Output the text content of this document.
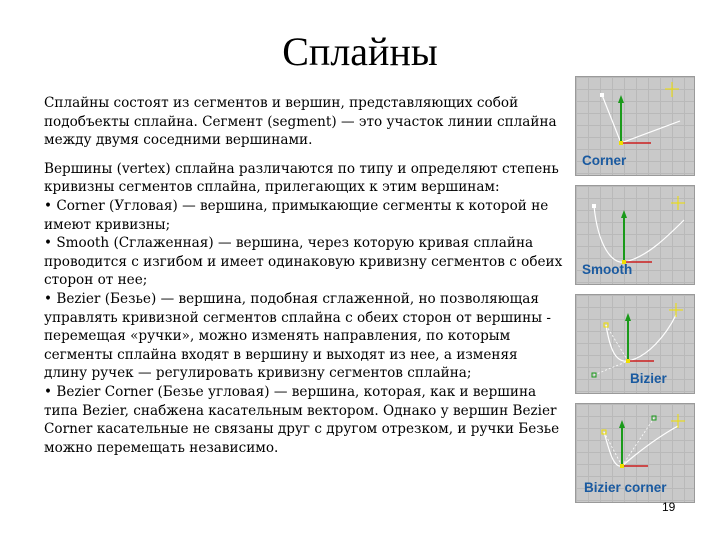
Сплайны

Сплайны состоят из сегментов и вершин, представляющих собой подобъекты сплайна. Сегмент (segment) — это участок линии сплайна между двумя соседними вершинами.

Вершины (vertex) сплайна различаются по типу и определяют степень кривизны сегментов сплайна, прилегающих к этим вершинам:
• Corner (Угловая) — вершина, примыкающие сегменты к которой не имеют кривизны;
• Smooth (Сглаженная) — вершина, через которую кривая сплайна проводится с изгибом и имеет одинаковую кривизну сегментов с обеих сторон от нее;
• Bezier (Безье) — вершина, подобная сглаженной, но позволяющая управлять кривизной сегментов сплайна с обеих сторон от вершины - перемещая «ручки», можно изменять направления, по которым сегменты сплайна входят в вершину и выходят из нее, а изменяя длину ручек — регулировать кривизну сегментов сплайна;
• Bezier Corner (Безье угловая) — вершина, которая, как и вершина типа Bezier, снабжена касательным вектором. Однако у вершин Bezier Corner касательные не связаны друг с другом отрезком, и ручки Безье можно перемещать независимо.

Corner
Smooth
Bizier
Bizier corner
19
